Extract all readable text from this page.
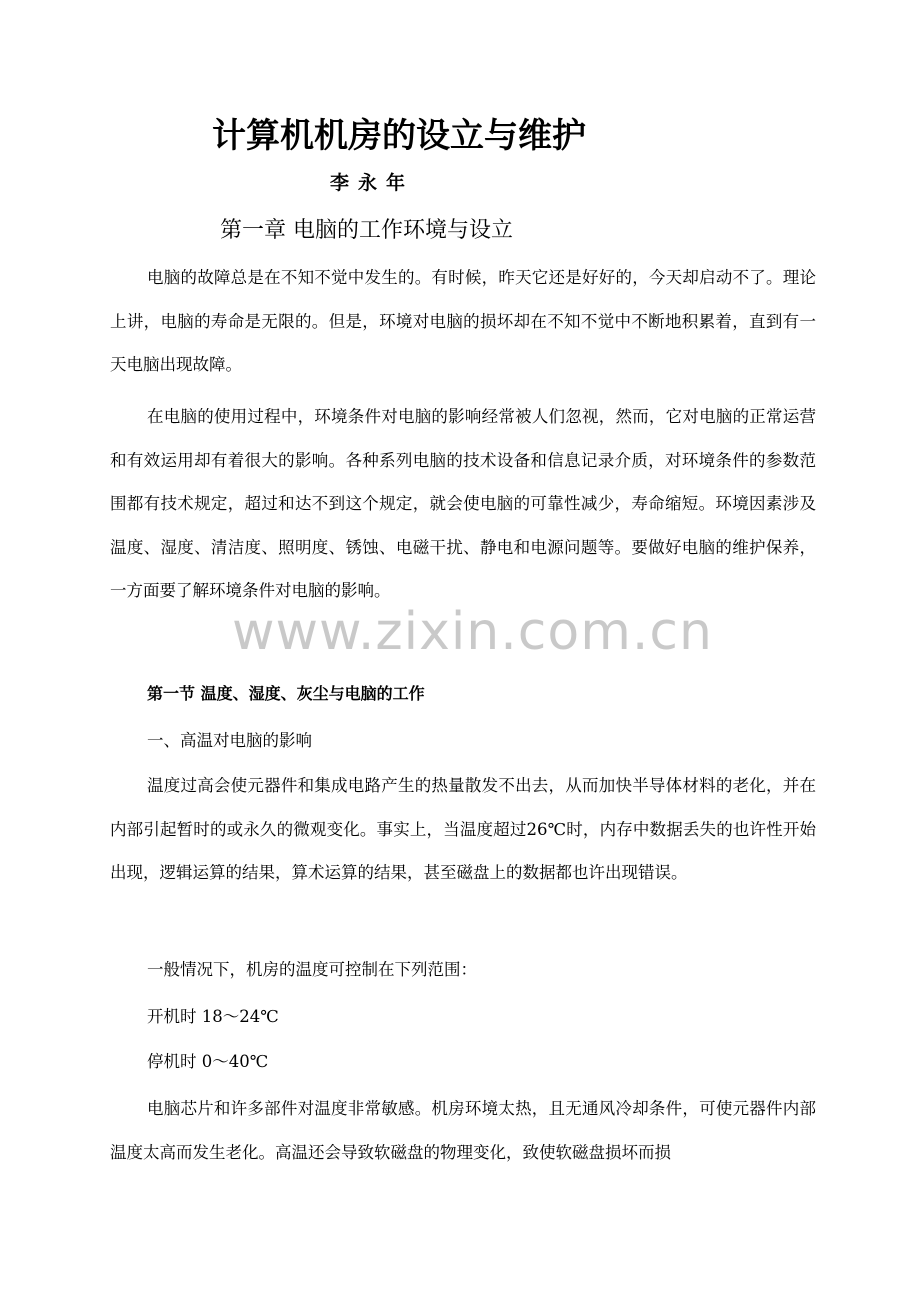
计算机机房的设立与维护
李永年
第一章 电脑的工作环境与设立

电脑的故障总是在不知不觉中发生的。有时候，昨天它还是好好的，今天却启动不了。理论上讲，电脑的寿命是无限的。但是，环境对电脑的损坏却在不知不觉中不断地积累着，直到有一天电脑出现故障。

在电脑的使用过程中，环境条件对电脑的影响经常被人们忽视，然而，它对电脑的正常运营和有效运用却有着很大的影响。各种系列电脑的技术设备和信息记录介质，对环境条件的参数范围都有技术规定，超过和达不到这个规定，就会使电脑的可靠性减少，寿命缩短。环境因素涉及温度、湿度、清洁度、照明度、锈蚀、电磁干扰、静电和电源问题等。要做好电脑的维护保养，一方面要了解环境条件对电脑的影响。

www.zixin.com.cn
第一节 温度、湿度、灰尘与电脑的工作
一、高温对电脑的影响

温度过高会使元器件和集成电路产生的热量散发不出去，从而加快半导体材料的老化，并在内部引起暂时的或永久的微观变化。事实上，当温度超过26℃时，内存中数据丢失的也许性开始出现，逻辑运算的结果，算术运算的结果，甚至磁盘上的数据都也许出现错误。

一般情况下，机房的温度可控制在下列范围：
开机时 18～24℃
停机时 0～40℃

电脑芯片和许多部件对温度非常敏感。机房环境太热，且无通风冷却条件，可使元器件内部温度太高而发生老化。高温还会导致软磁盘的物理变化，致使软磁盘损坏而损
